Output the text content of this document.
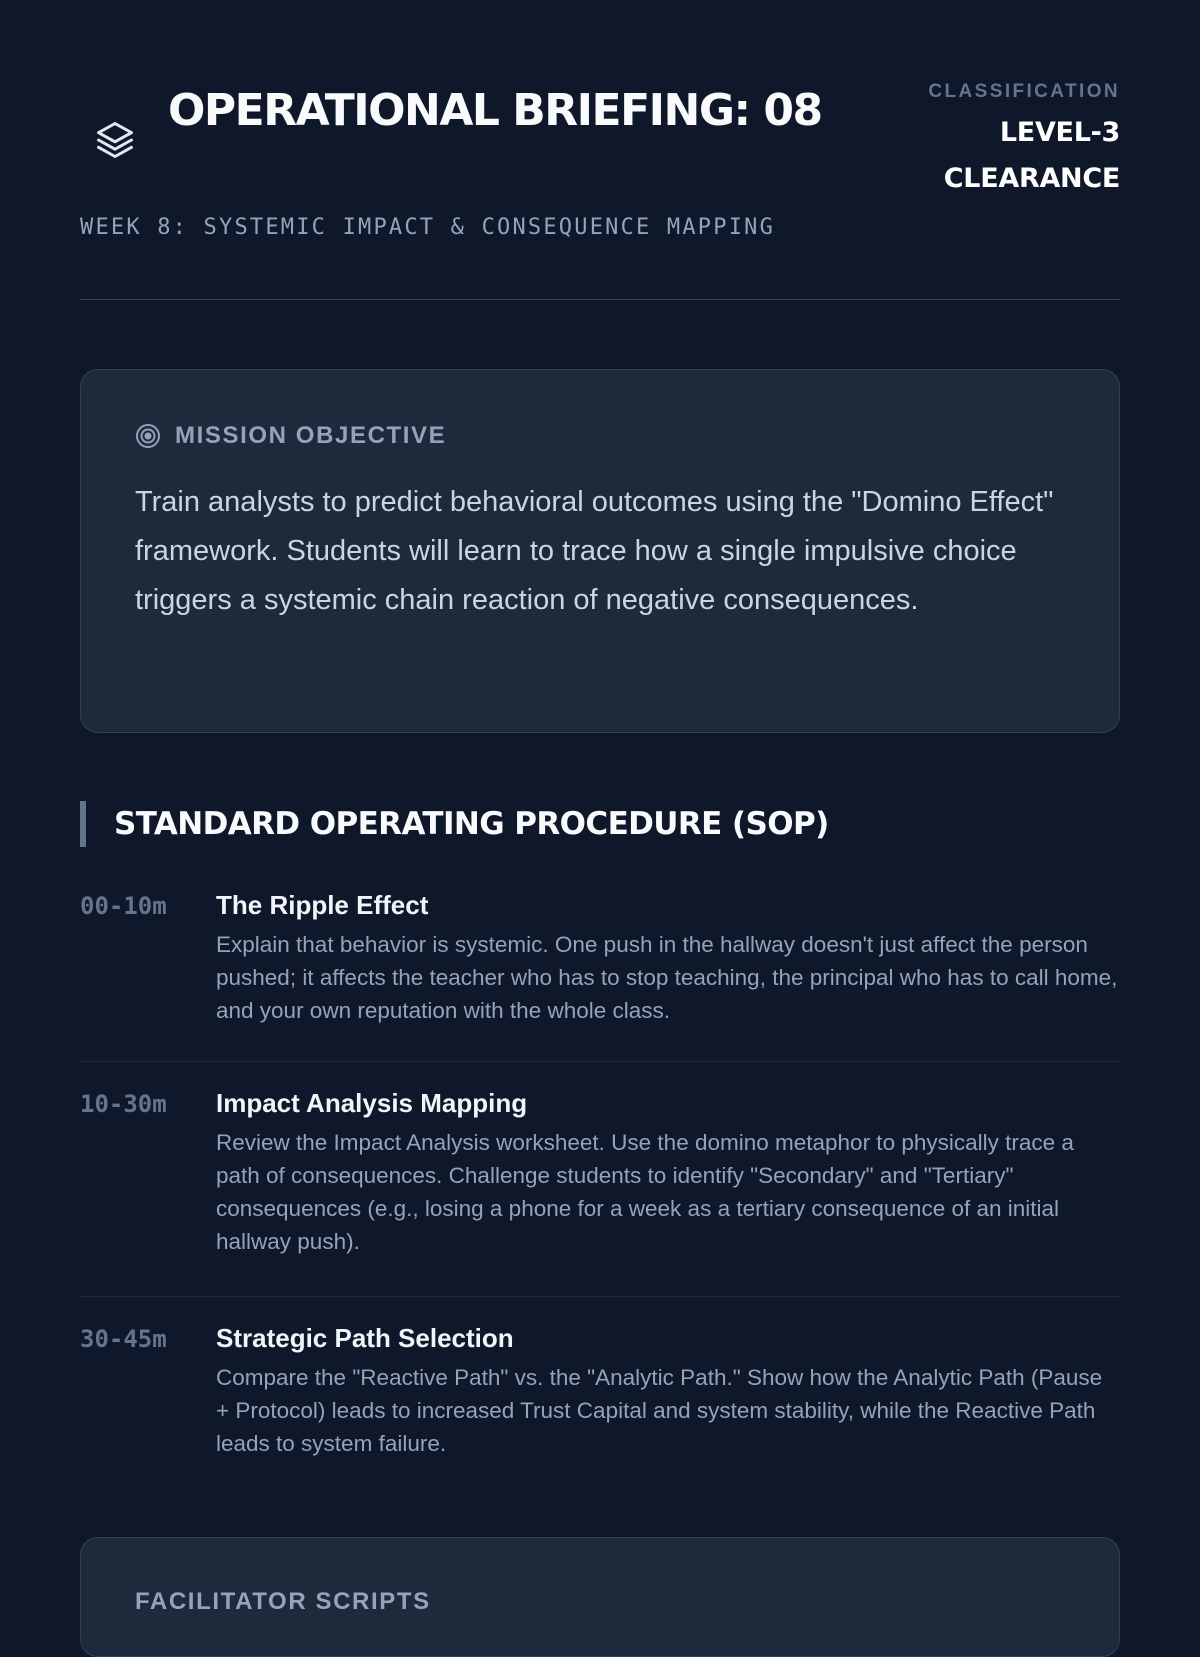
OPERATIONAL BRIEFING: 08
WEEK 8: SYSTEMIC IMPACT & CONSEQUENCE MAPPING
CLASSIFICATION
LEVEL-3 CLEARANCE
MISSION OBJECTIVE

Train analysts to predict behavioral outcomes using the "Domino Effect" framework. Students will learn to trace how a single impulsive choice triggers a systemic chain reaction of negative consequences.

STANDARD OPERATING PROCEDURE (SOP)
00-10m	The Ripple Effect
Explain that behavior is systemic. One push in the hallway doesn't just affect the person pushed; it affects the teacher who has to stop teaching, the principal who has to call home, and your own reputation with the whole class.
10-30m	Impact Analysis Mapping
Review the Impact Analysis worksheet. Use the domino metaphor to physically trace a path of consequences. Challenge students to identify "Secondary" and "Tertiary" consequences (e.g., losing a phone for a week as a tertiary consequence of an initial hallway push).
30-45m	Strategic Path Selection
Compare the "Reactive Path" vs. the "Analytic Path." Show how the Analytic Path (Pause + Protocol) leads to increased Trust Capital and system stability, while the Reactive Path leads to system failure.
FACILITATOR SCRIPTS
